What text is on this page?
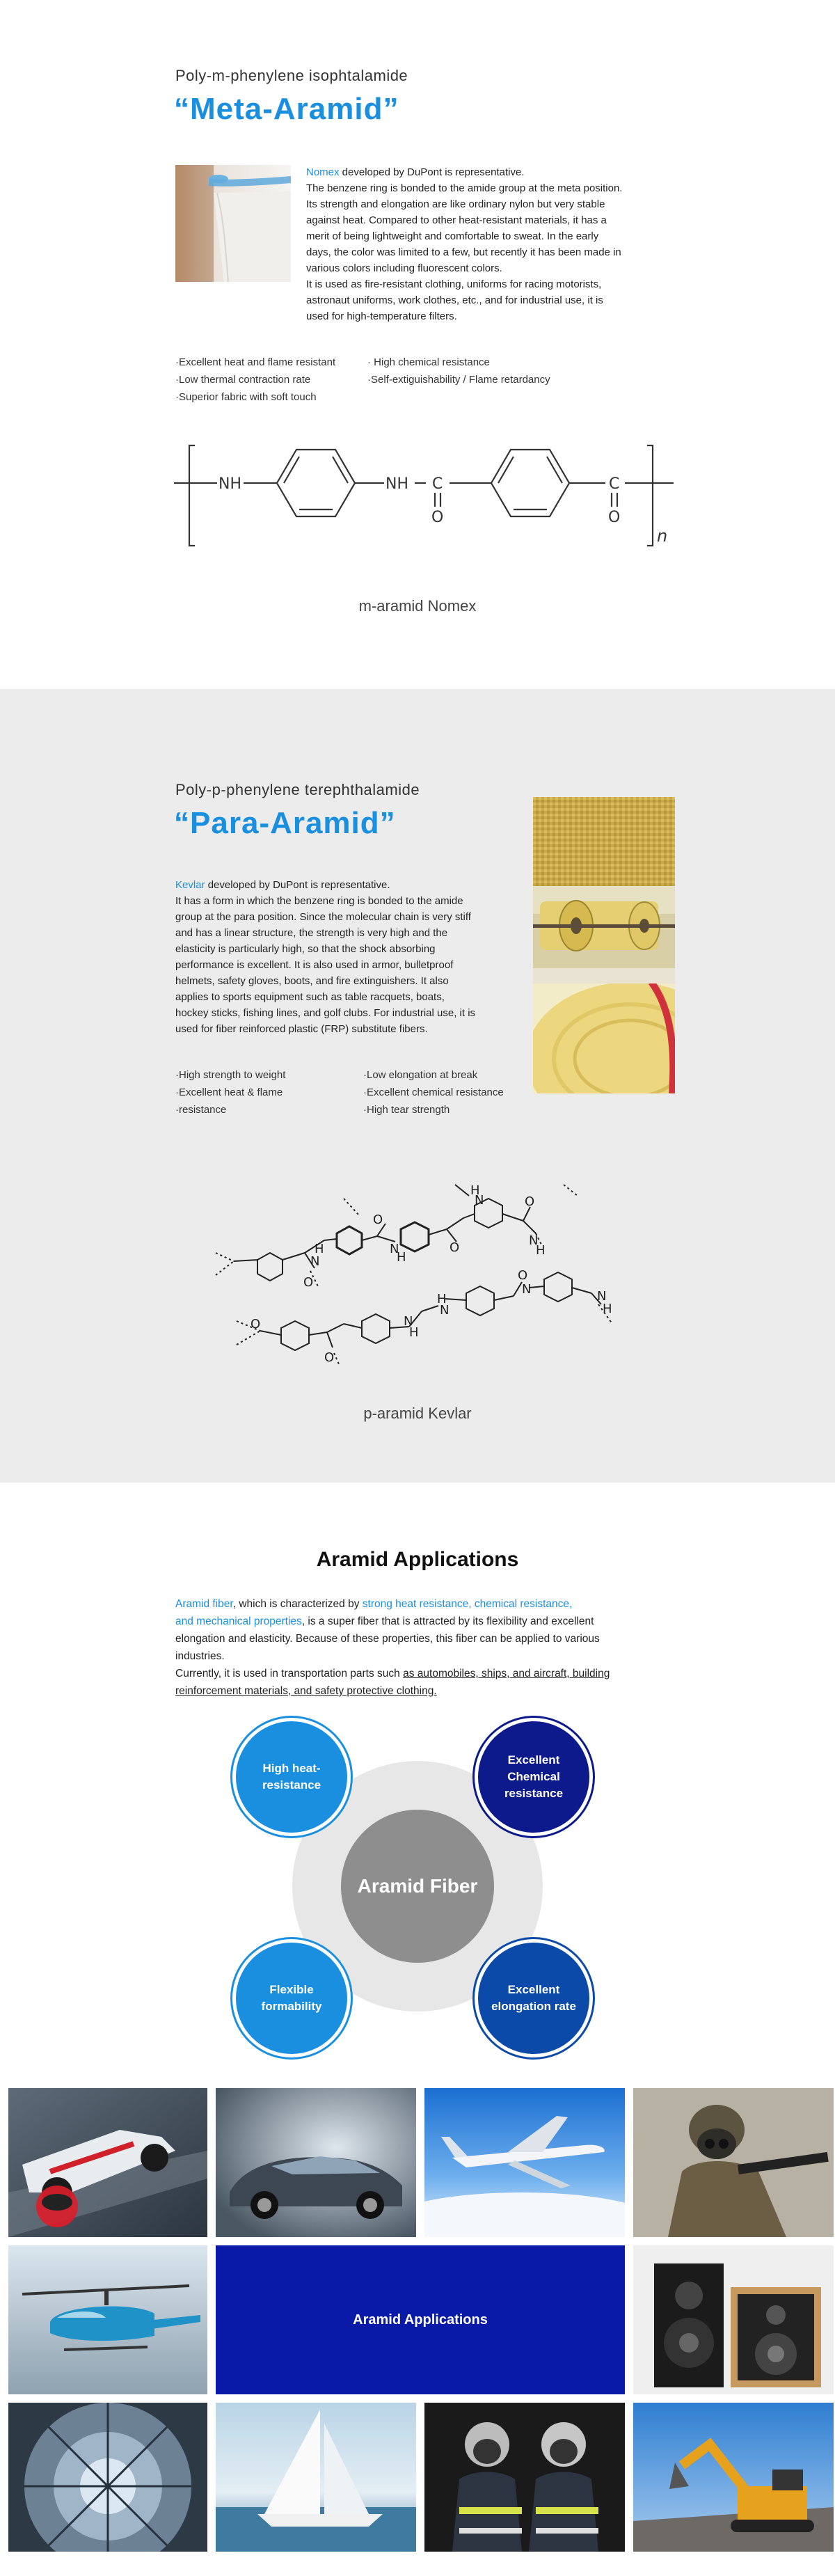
Poly-m-phenylene isophtalamide
“Meta-Aramid”
Nomex developed by DuPont is representative.
The benzene ring is bonded to the amide group at the meta position.
Its strength and elongation are like ordinary nylon but very stable
against heat. Compared to other heat-resistant materials, it has a
merit of being lightweight and comfortable to sweat. In the early
days, the color was limited to a few, but recently it has been made in
various colors including fluorescent colors.
It is used as fire-resistant clothing, uniforms for racing motorists,
astronaut uniforms, work clothes, etc., and for industrial use, it is
used for high-temperature filters.
·Excellent heat and flame resistant
·Low thermal contraction rate
·Superior fabric with soft touch
· High chemical resistance
·Self-extiguishability / Flame retardancy
NH	NH C
O
C
O
n
m-aramid Nomex
Poly-p-phenylene terephthalamide
“Para-Aramid”
Kevlar developed by DuPont is representative.
It has a form in which the benzene ring is bonded to the amide
group at the para position. Since the molecular chain is very stiff
and has a linear structure, the strength is very high and the
elasticity is particularly high, so that the shock absorbing
performance is excellent. It is also used in armor, bulletproof
helmets, safety gloves, boots, and fire extinguishers. It also
applies to sports equipment such as table racquets, boats,
hockey sticks, fishing lines, and golf clubs. For industrial use, it is
used for fiber reinforced plastic (FRP) substitute fibers.
·High strength to weight
·Excellent heat & flame
·resistance
·Low elongation at break
·Excellent chemical resistance
·High tear strength
N
H
O
O
H
N	O
N
H
O
N
H
H
N
O
N	N
H
N
H
O
O
p-aramid Kevlar
Aramid Applications
Aramid fiber, which is characterized by strong heat resistance, chemical resistance,
and mechanical properties, is a super fiber that is attracted by its flexibility and excellent
elongation and elasticity. Because of these properties, this fiber can be applied to various
industries.
Currently, it is used in transportation parts such as automobiles, ships, and aircraft, building
reinforcement materials, and safety protective clothing.
Aramid Fiber
High heat-
resistance
Excellent
Chemical
resistance
Flexible
formability
Excellent
elongation rate
Aramid Applications
